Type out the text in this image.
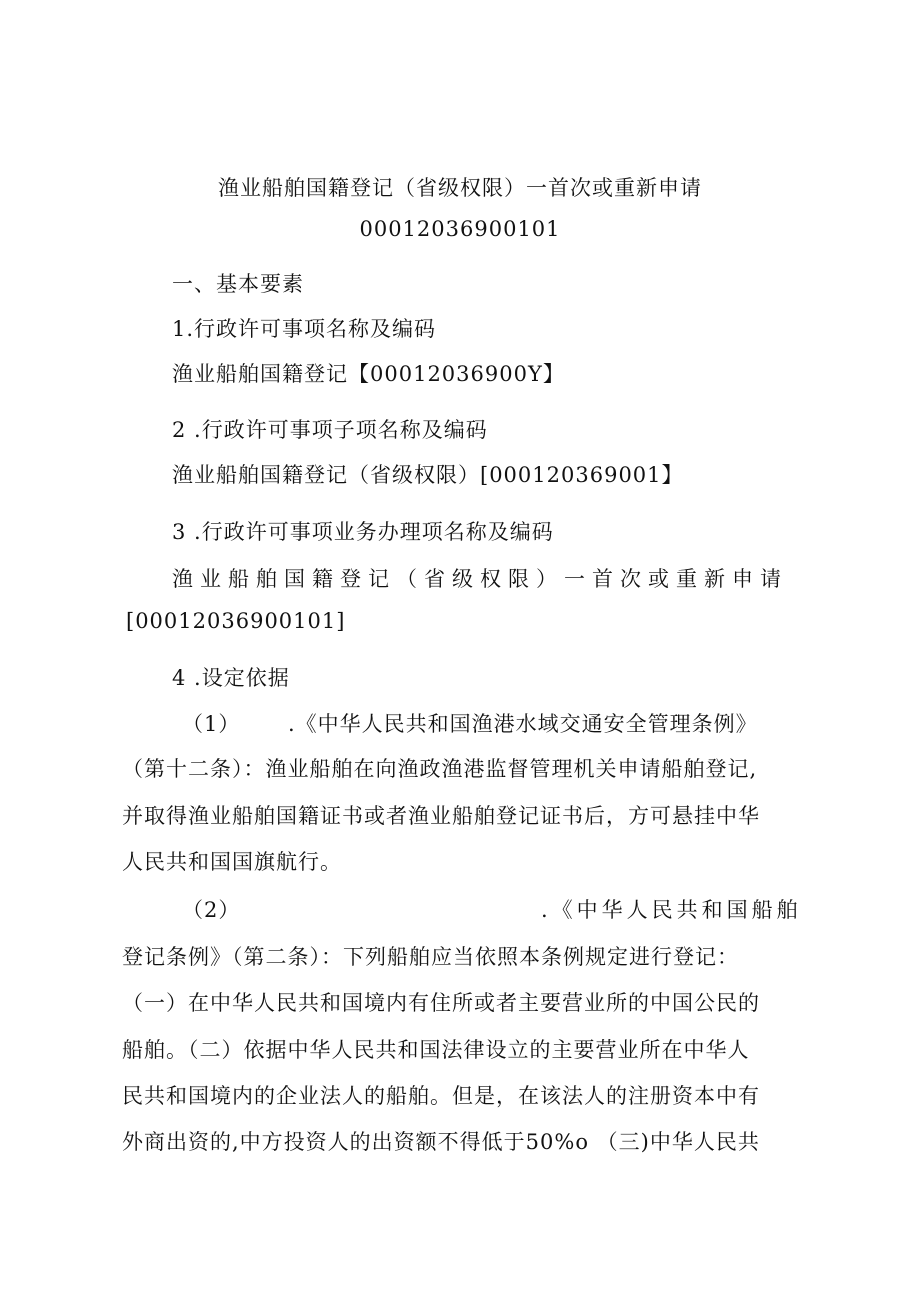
渔业船舶国籍登记（省级权限）一首次或重新申请
00012036900101
一、基本要素
1.行政许可事项名称及编码
渔业船舶国籍登记【00012036900Y】
2 .行政许可事项子项名称及编码
渔业船舶国籍登记（省级权限）[000120369001】
3 .行政许可事项业务办理项名称及编码
渔业船舶国籍登记（省级权限）一首次或重新申请
[00012036900101]
4 .设定依据
（1） .《中华人民共和国渔港水域交通安全管理条例》
（第十二条）：渔业船舶在向渔政渔港监督管理机关申请船舶登记,
并取得渔业船舶国籍证书或者渔业船舶登记证书后，方可悬挂中华
人民共和国国旗航行。
（2）	.《中华人民共和国船舶
登记条例》（第二条）：下列船舶应当依照本条例规定进行登记：
（一）在中华人民共和国境内有住所或者主要营业所的中国公民的
船舶。（二）依据中华人民共和国法律设立的主要营业所在中华人
民共和国境内的企业法人的船舶。但是，在该法人的注册资本中有
外商出资的,中方投资人的出资额不得低于50%o （三)中华人民共
